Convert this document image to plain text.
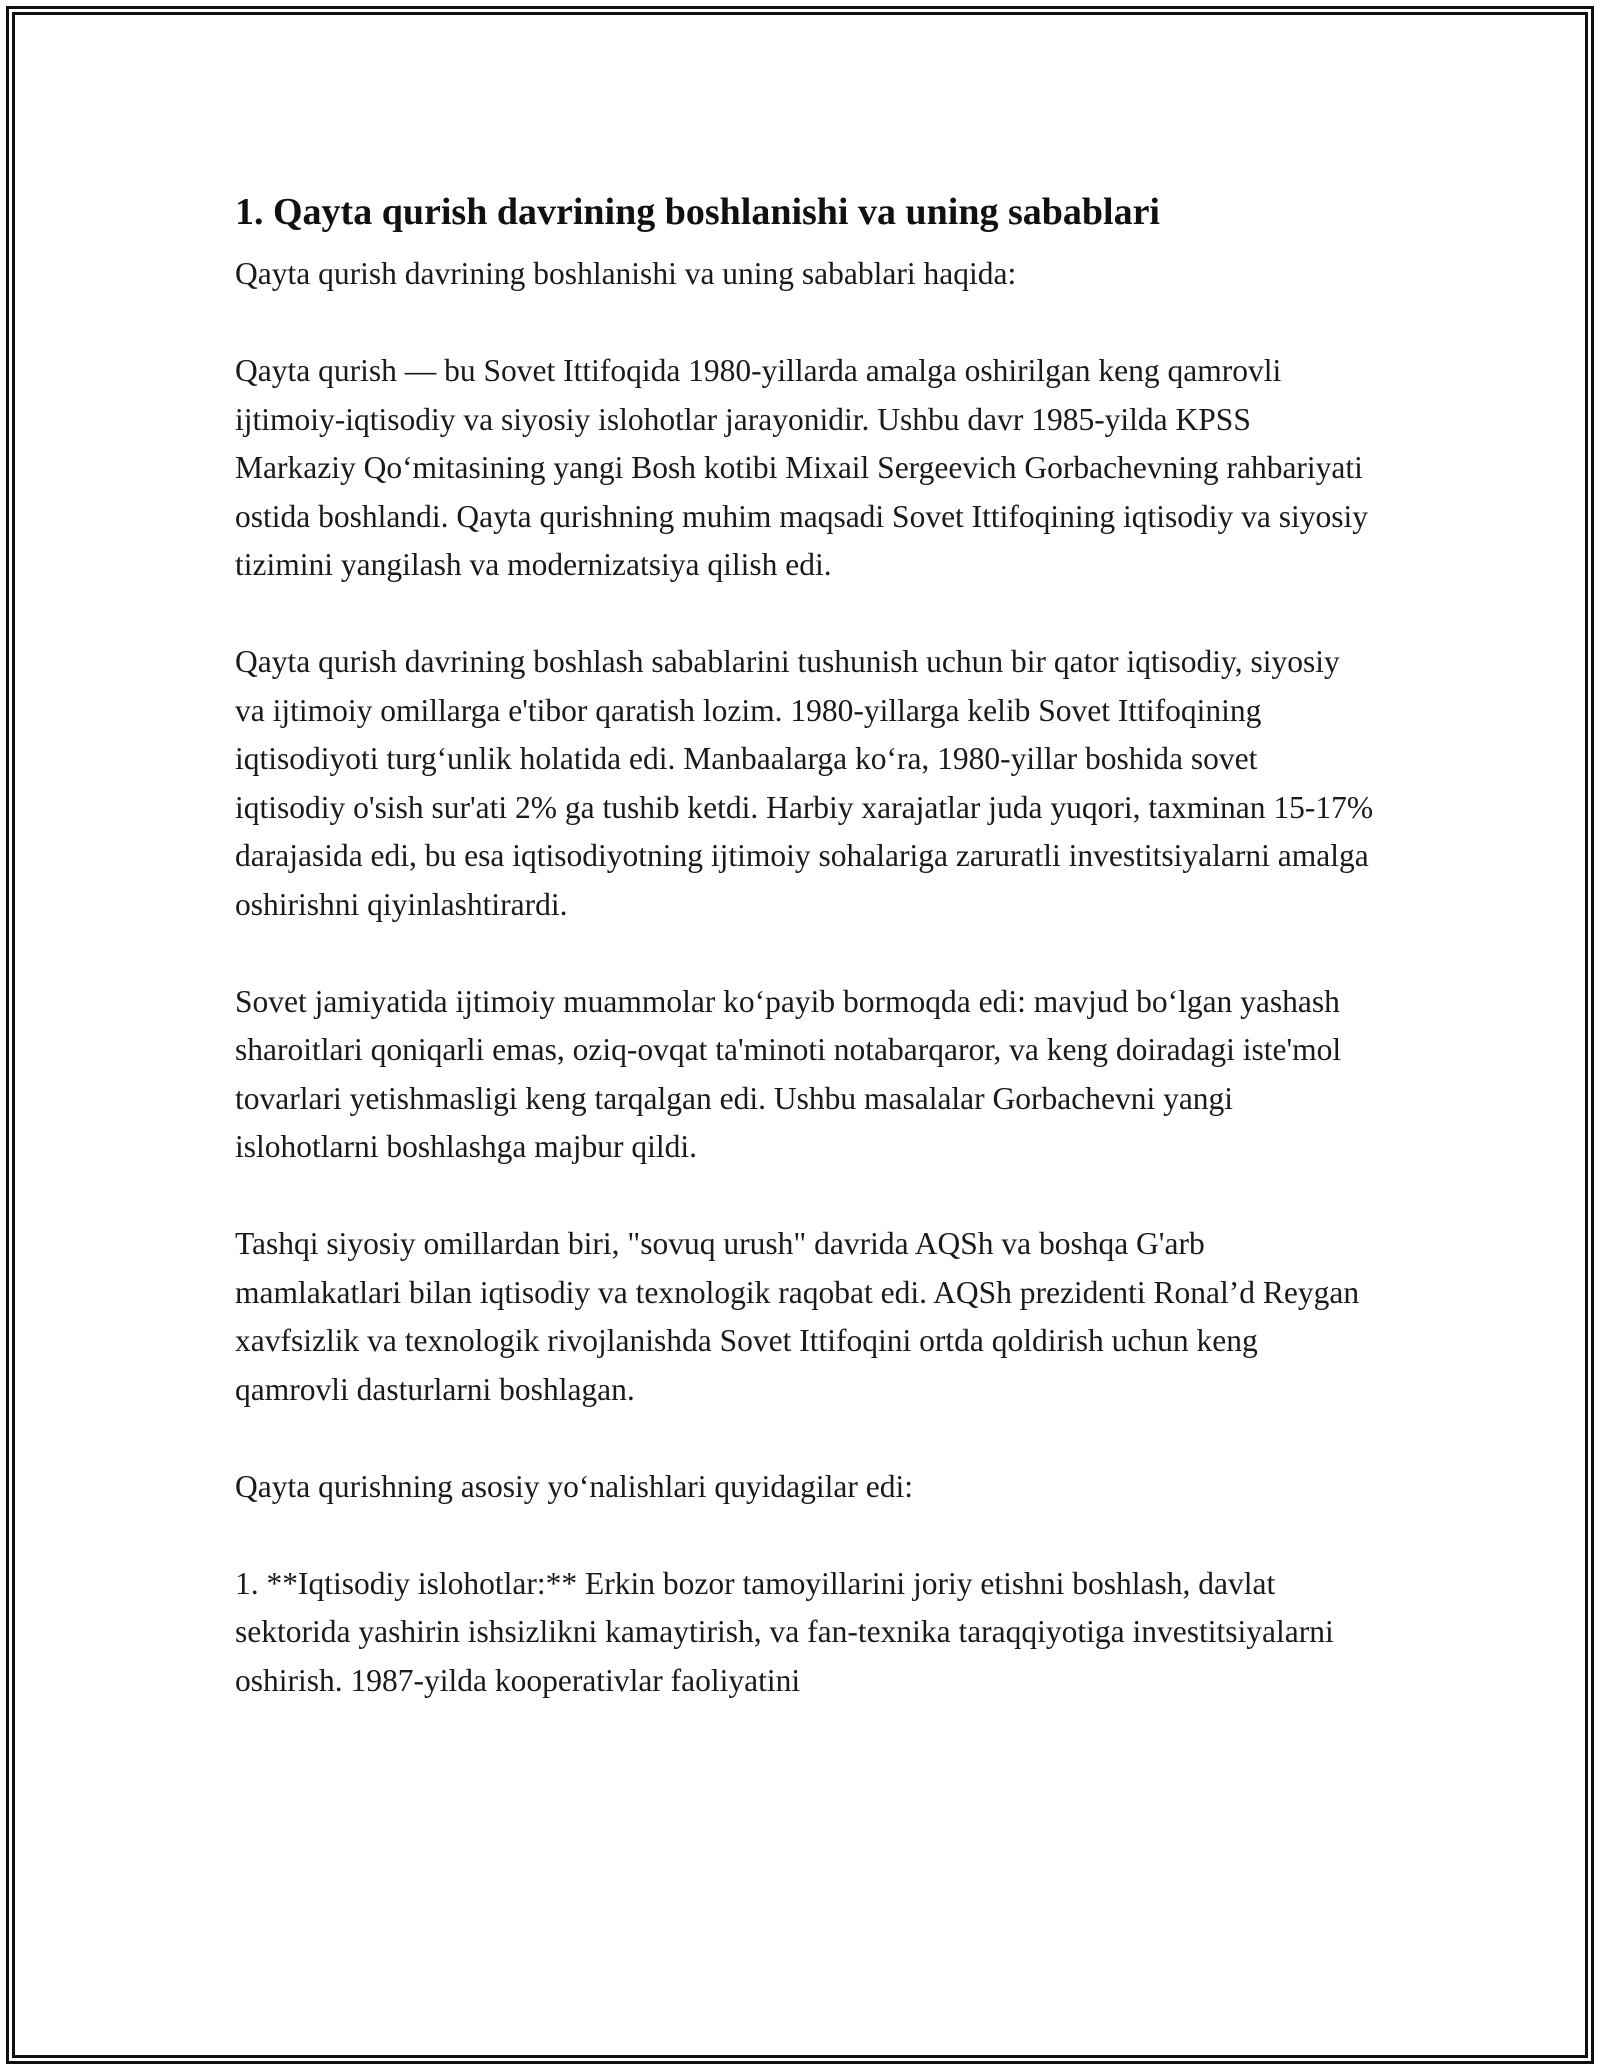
1. Qayta qurish davrining boshlanishi va uning sabablari

Qayta qurish davrining boshlanishi va uning sabablari haqida:

Qayta qurish — bu Sovet Ittifoqida 1980-yillarda amalga oshirilgan keng qamrovli ijtimoiy-iqtisodiy va siyosiy islohotlar jarayonidir. Ushbu davr 1985-yilda KPSS Markaziy Qoʻmitasining yangi Bosh kotibi Mixail Sergeevich Gorbachevning rahbariyati ostida boshlandi. Qayta qurishning muhim maqsadi Sovet Ittifoqining iqtisodiy va siyosiy tizimini yangilash va modernizatsiya qilish edi.

Qayta qurish davrining boshlash sabablarini tushunish uchun bir qator iqtisodiy, siyosiy va ijtimoiy omillarga e'tibor qaratish lozim. 1980-yillarga kelib Sovet Ittifoqining iqtisodiyoti turgʻunlik holatida edi. Manbaalarga koʻra, 1980-yillar boshida sovet iqtisodiy o'sish sur'ati 2% ga tushib ketdi. Harbiy xarajatlar juda yuqori, taxminan 15-17% darajasida edi, bu esa iqtisodiyotning ijtimoiy sohalariga zaruratli investitsiyalarni amalga oshirishni qiyinlashtirardi.

Sovet jamiyatida ijtimoiy muammolar koʻpayib bormoqda edi: mavjud boʻlgan yashash sharoitlari qoniqarli emas, oziq-ovqat ta'minoti notabarqaror, va keng doiradagi iste'mol tovarlari yetishmasligi keng tarqalgan edi. Ushbu masalalar Gorbachevni yangi islohotlarni boshlashga majbur qildi.

Tashqi siyosiy omillardan biri, "sovuq urush" davrida AQSh va boshqa G'arb mamlakatlari bilan iqtisodiy va texnologik raqobat edi. AQSh prezidenti Ronal’d Reygan xavfsizlik va texnologik rivojlanishda Sovet Ittifoqini ortda qoldirish uchun keng qamrovli dasturlarni boshlagan.

Qayta qurishning asosiy yoʻnalishlari quyidagilar edi:

1. **Iqtisodiy islohotlar:** Erkin bozor tamoyillarini joriy etishni boshlash, davlat sektorida yashirin ishsizlikni kamaytirish, va fan-texnika taraqqiyotiga investitsiyalarni oshirish. 1987-yilda kooperativlar faoliyatini
